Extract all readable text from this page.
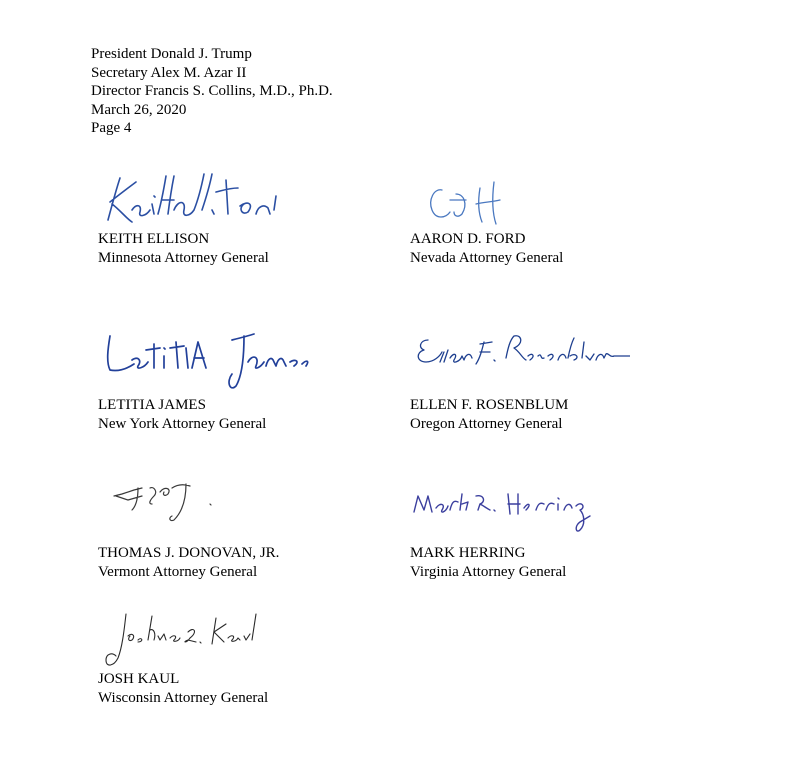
President Donald J. Trump
Secretary Alex M. Azar II
Director Francis S. Collins, M.D., Ph.D.
March 26, 2020
Page 4
KEITH ELLISON
Minnesota Attorney General
AARON D. FORD
Nevada Attorney General
LETITIA JAMES
New York Attorney General
ELLEN F. ROSENBLUM
Oregon Attorney General
THOMAS J. DONOVAN, JR.
Vermont Attorney General
MARK HERRING
Virginia Attorney General
JOSH KAUL
Wisconsin Attorney General
